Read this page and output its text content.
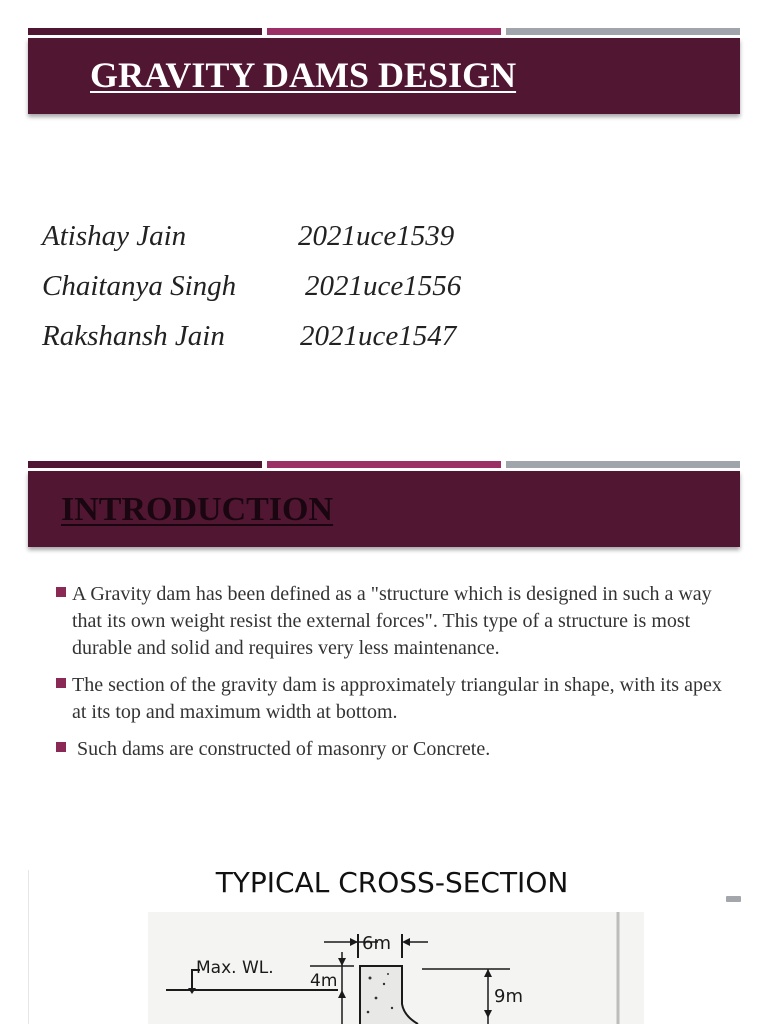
GRAVITY DAMS DESIGN
Atishay Jain	2021uce1539
Chaitanya Singh 2021uce1556
Rakshansh Jain	2021uce1547
INTRODUCTION
A Gravity dam has been defined as a "structure which is designed in such a way that its own weight resist the external forces". This type of a structure is most durable and solid and requires very less maintenance.
The section of the gravity dam is approximately triangular in shape, with its apex at its top and maximum width at bottom.
Such dams are constructed of masonry or Concrete.
TYPICAL CROSS-SECTION
Max. WL.
6m
4m
9m
